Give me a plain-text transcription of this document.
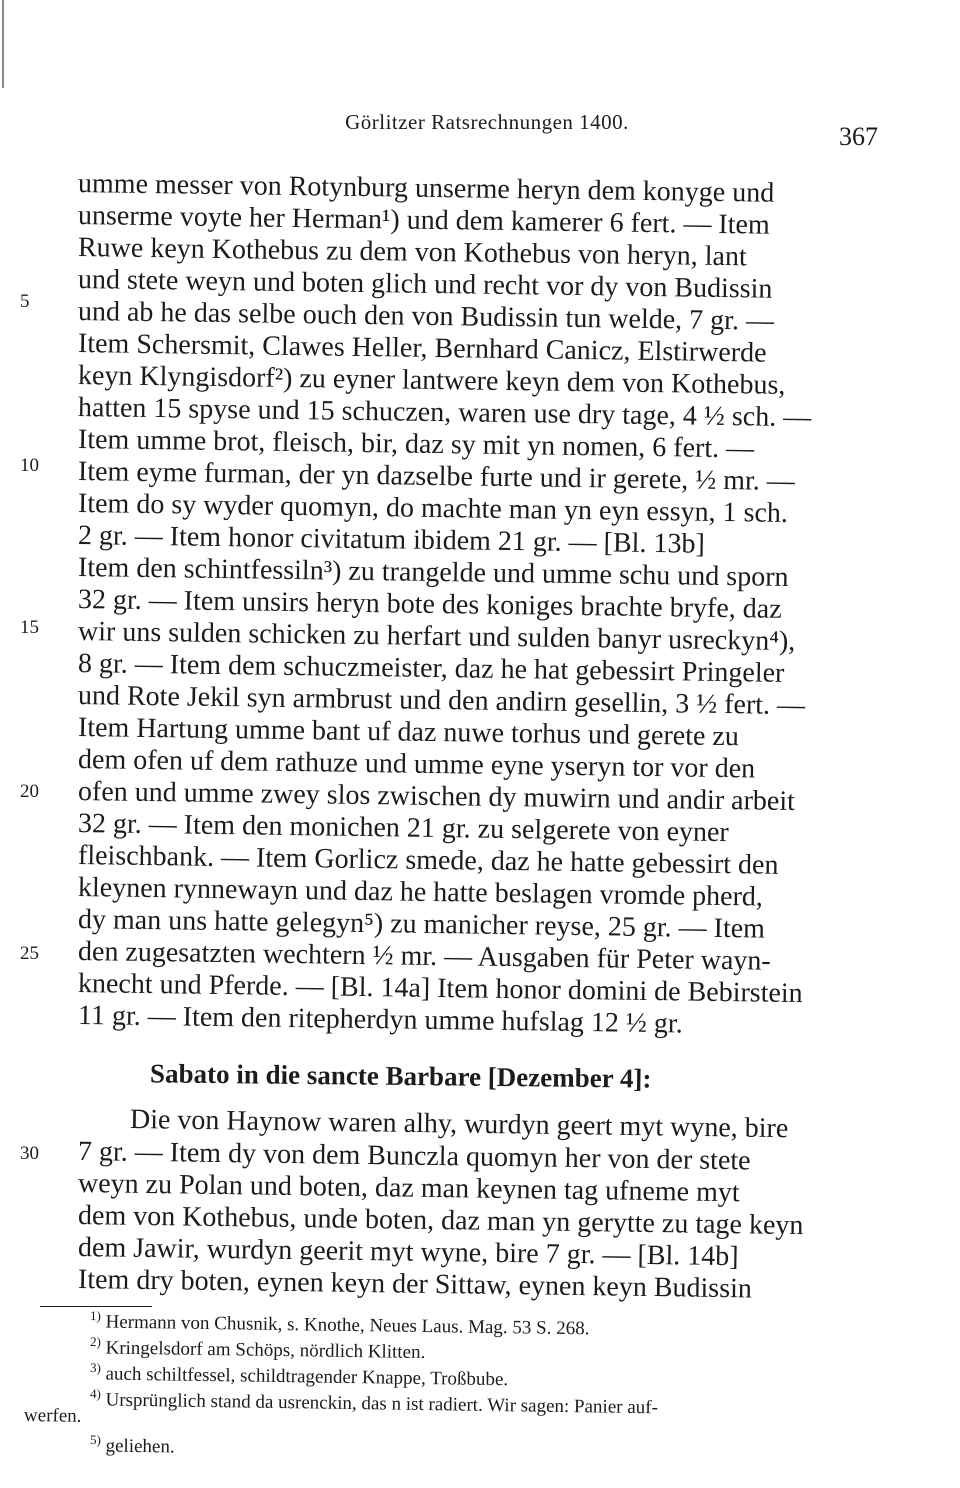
Görlitzer Ratsrechnungen 1400.	367
umme messer von Rotynburg unserme heryn dem konyge und
unserme voyte her Herman¹) und dem kamerer 6 fert. — Item
Ruwe keyn Kothebus zu dem von Kothebus von heryn, lant
und stete weyn und boten glich und recht vor dy von Budissin
und ab he das selbe ouch den von Budissin tun welde, 7 gr. —
Item Schersmit, Clawes Heller, Bernhard Canicz, Elstirwerde
keyn Klyngisdorf²) zu eyner lantwere keyn dem von Kothebus,
hatten 15 spyse und 15 schuczen, waren use dry tage, 4 ½ sch. —
Item umme brot, fleisch, bir, daz sy mit yn nomen, 6 fert. —
Item eyme furman, der yn dazselbe furte und ir gerete, ½ mr. —
Item do sy wyder quomyn, do machte man yn eyn essyn, 1 sch.
2 gr. — Item honor civitatum ibidem 21 gr. — [Bl. 13b]
Item den schintfessiln³) zu trangelde und umme schu und sporn
32 gr. — Item unsirs heryn bote des koniges brachte bryfe, daz
wir uns sulden schicken zu herfart und sulden banyr usreckyn⁴),
8 gr. — Item dem schuczmeister, daz he hat gebessirt Pringeler
und Rote Jekil syn armbrust und den andirn gesellin, 3 ½ fert. —
Item Hartung umme bant uf daz nuwe torhus und gerete zu
dem ofen uf dem rathuze und umme eyne yseryn tor vor den
ofen und umme zwey slos zwischen dy muwirn und andir arbeit
32 gr. — Item den monichen 21 gr. zu selgerete von eyner
fleischbank. — Item Gorlicz smede, daz he hatte gebessirt den
kleynen rynnewayn und daz he hatte beslagen vromde pherd,
dy man uns hatte gelegyn⁵) zu manicher reyse, 25 gr. — Item
den zugesatzten wechtern ½ mr. — Ausgaben für Peter wayn-
knecht und Pferde. — [Bl. 14a] Item honor domini de Bebirstein
11 gr. — Item den ritepherdyn umme hufslag 12 ½ gr.
5
10
15
20
25
30
Sabato in die sancte Barbare [Dezember 4]:
Die von Haynow waren alhy, wurdyn geert myt wyne, bire
7 gr. — Item dy von dem Bunczla quomyn her von der stete
weyn zu Polan und boten, daz man keynen tag ufneme myt
dem von Kothebus, unde boten, daz man yn gerytte zu tage keyn
dem Jawir, wurdyn geerit myt wyne, bire 7 gr. — [Bl. 14b]
Item dry boten, eynen keyn der Sittaw, eynen keyn Budissin
$^{1)}$ Hermann von Chusnik, s. Knothe, Neues Laus. Mag. 53 S. 268.
$^{2)}$ Kringelsdorf am Schöps, nördlich Klitten.
$^{3)}$ auch schiltfessel, schildtragender Knappe, Troßbube.
$^{4)}$ Ursprünglich stand da usrenckin, das n ist radiert. Wir sagen: Panier auf-
werfen.
$^{5)}$ geliehen.
